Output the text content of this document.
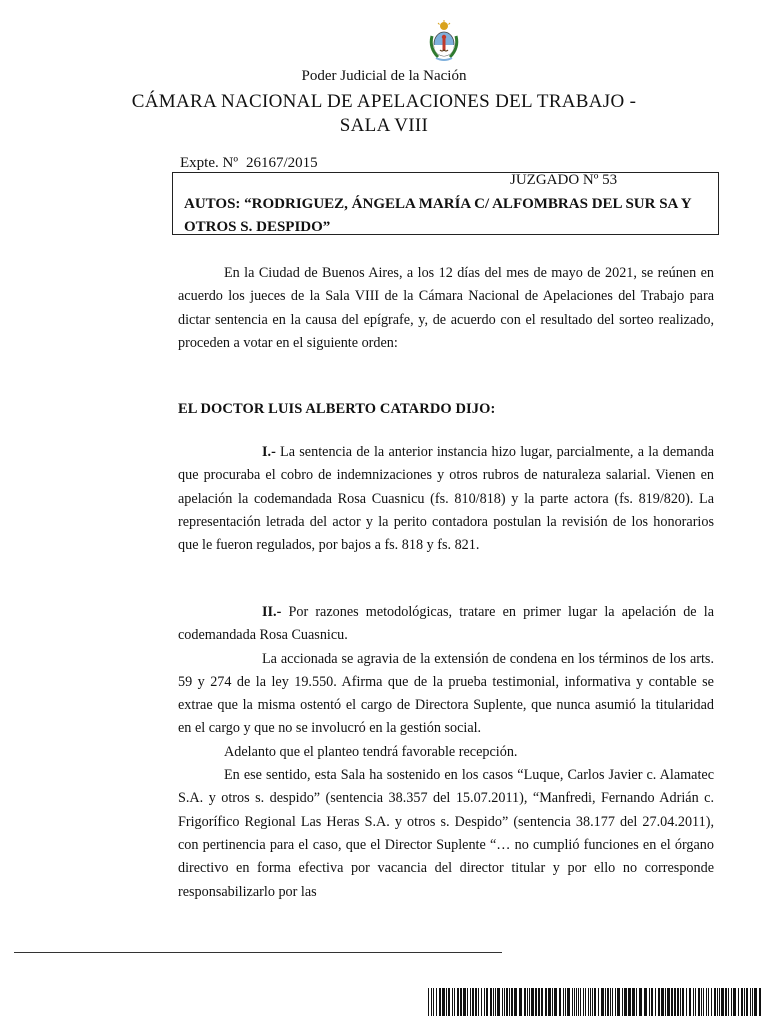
Poder Judicial de la Nación
CÁMARA NACIONAL DE APELACIONES DEL TRABAJO -
SALA VIII
Expte. Nº 26167/2015
JUZGADO Nº 53
AUTOS: “RODRIGUEZ, ÁNGELA MARÍA C/ ALFOMBRAS DEL SUR SA Y OTROS S. DESPIDO”

En la Ciudad de Buenos Aires, a los 12 días del mes de mayo de 2021, se reúnen en acuerdo los jueces de la Sala VIII de la Cámara Nacional de Apelaciones del Trabajo para dictar sentencia en la causa del epígrafe, y, de acuerdo con el resultado del sorteo realizado, proceden a votar en el siguiente orden:

EL DOCTOR LUIS ALBERTO CATARDO DIJO:

I.- La sentencia de la anterior instancia hizo lugar, parcialmente, a la demanda que procuraba el cobro de indemnizaciones y otros rubros de naturaleza salarial. Vienen en apelación la codemandada Rosa Cuasnicu (fs. 810/818) y la parte actora (fs. 819/820). La representación letrada del actor y la perito contadora postulan la revisión de los honorarios que le fueron regulados, por bajos a fs. 818 y fs. 821.

II.- Por razones metodológicas, tratare en primer lugar la apelación de la codemandada Rosa Cuasnicu.

La accionada se agravia de la extensión de condena en los términos de los arts. 59 y 274 de la ley 19.550. Afirma que de la prueba testimonial, informativa y contable se extrae que la misma ostentó el cargo de Directora Suplente, que nunca asumió la titularidad en el cargo y que no se involucró en la gestión social.

Adelanto que el planteo tendrá favorable recepción.

En ese sentido, esta Sala ha sostenido en los casos “Luque, Carlos Javier c. Alamatec S.A. y otros s. despido” (sentencia 38.357 del 15.07.2011), “Manfredi, Fernando Adrián c. Frigorífico Regional Las Heras S.A. y otros s. Despido” (sentencia 38.177 del 27.04.2011), con pertinencia para el caso, que el Director Suplente “… no cumplió funciones en el órgano directivo en forma efectiva por vacancia del director titular y por ello no corresponde responsabilizarlo por las
